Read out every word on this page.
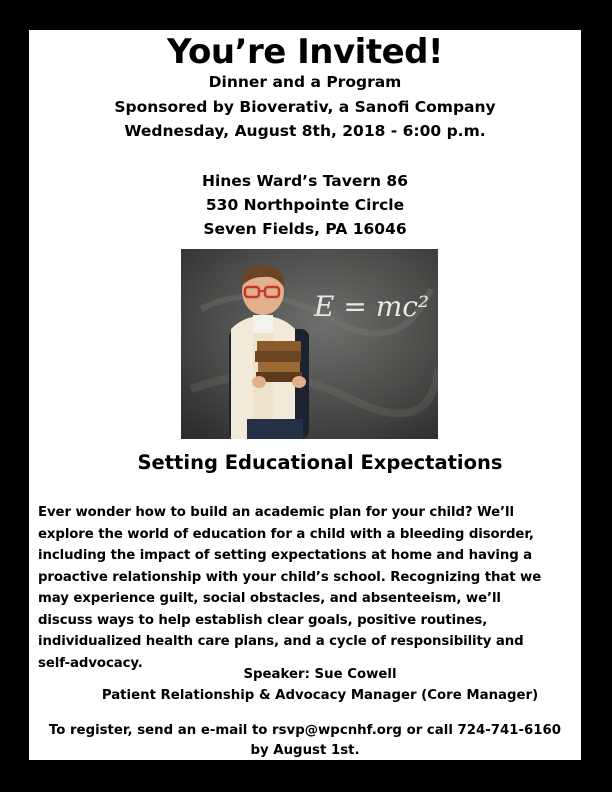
You’re Invited!
Dinner and a Program
Sponsored by Bioverativ, a Sanofi Company
Wednesday, August 8th, 2018 - 6:00 p.m.
Hines Ward’s Tavern 86
530 Northpointe Circle
Seven Fields, PA 16046
E = mc²
Setting Educational Expectations

Ever wonder how to build an academic plan for your child? We’ll

explore the world of education for a child with a bleeding disorder,

including the impact of setting expectations at home and having a

proactive relationship with your child’s school. Recognizing that we

may experience guilt, social obstacles, and absenteeism, we’ll

discuss ways to help establish clear goals, positive routines,

individualized health care plans, and a cycle of responsibility and

self-advocacy.

Speaker: Sue Cowell
Patient Relationship & Advocacy Manager (Core Manager)
To register, send an e-mail to rsvp@wpcnhf.org or call 724-741-6160
by August 1st.
